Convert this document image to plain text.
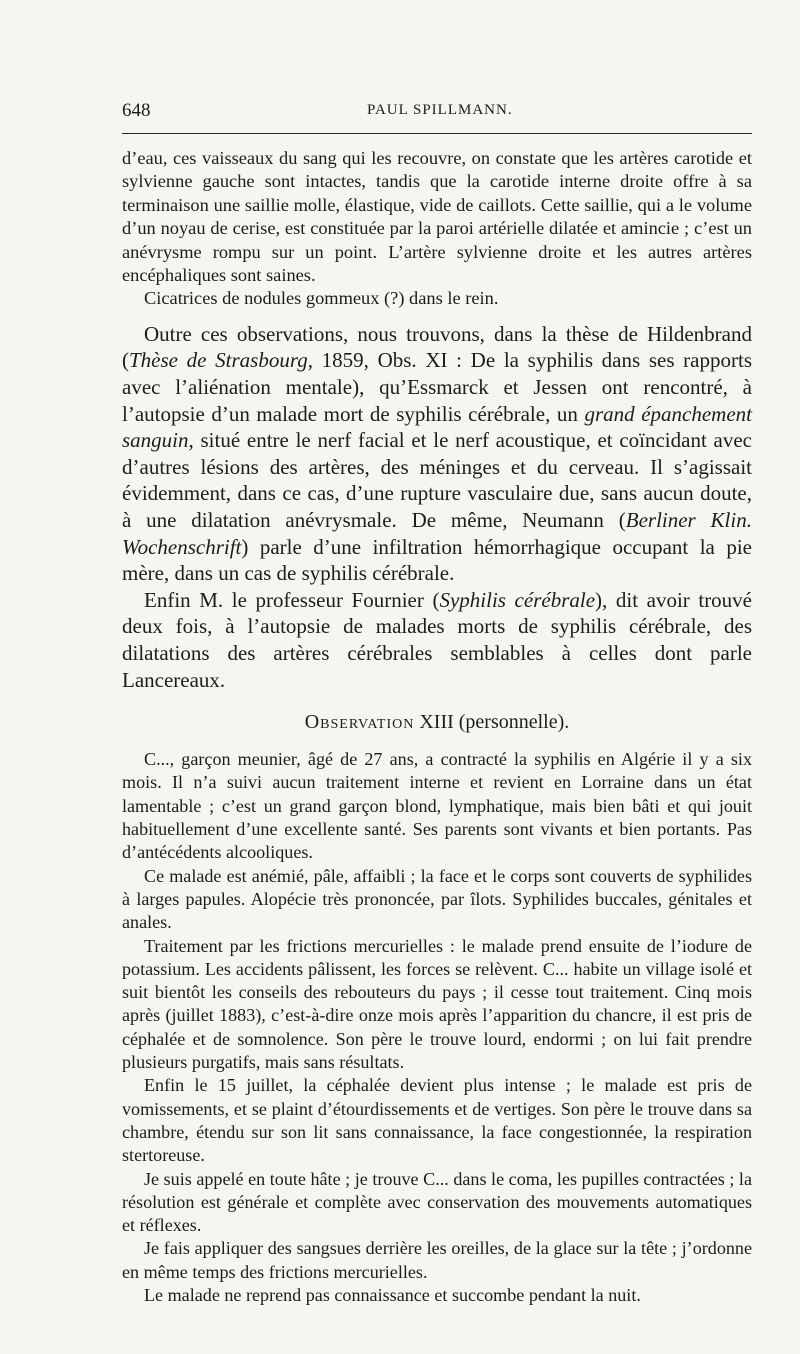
648	PAUL SPILLMANN.

d’eau, ces vaisseaux du sang qui les recouvre, on constate que les artères carotide et sylvienne gauche sont intactes, tandis que la carotide interne droite offre à sa terminaison une saillie molle, élastique, vide de caillots. Cette saillie, qui a le volume d’un noyau de cerise, est constituée par la paroi artérielle dilatée et amincie ; c’est un anévrysme rompu sur un point. L’artère sylvienne droite et les autres artères encéphaliques sont saines.

Cicatrices de nodules gommeux (?) dans le rein.

Outre ces observations, nous trouvons, dans la thèse de Hildenbrand (Thèse de Strasbourg, 1859, Obs. XI : De la syphilis dans ses rapports avec l’aliénation mentale), qu’Essmarck et Jessen ont rencontré, à l’autopsie d’un malade mort de syphilis cérébrale, un grand épanchement sanguin, situé entre le nerf facial et le nerf acoustique, et coïncidant avec d’autres lésions des artères, des méninges et du cerveau. Il s’agissait évidemment, dans ce cas, d’une rupture vasculaire due, sans aucun doute, à une dilatation anévrysmale. De même, Neumann (Berliner Klin. Wochenschrift) parle d’une infiltration hémorrhagique occupant la pie mère, dans un cas de syphilis cérébrale.

Enfin M. le professeur Fournier (Syphilis cérébrale), dit avoir trouvé deux fois, à l’autopsie de malades morts de syphilis cérébrale, des dilatations des artères cérébrales semblables à celles dont parle Lancereaux.

Observation XIII (personnelle).

C..., garçon meunier, âgé de 27 ans, a contracté la syphilis en Algérie il y a six mois. Il n’a suivi aucun traitement interne et revient en Lorraine dans un état lamentable ; c’est un grand garçon blond, lymphatique, mais bien bâti et qui jouit habituellement d’une excellente santé. Ses parents sont vivants et bien portants. Pas d’antécédents alcooliques.

Ce malade est anémié, pâle, affaibli ; la face et le corps sont couverts de syphilides à larges papules. Alopécie très prononcée, par îlots. Syphilides buccales, génitales et anales.

Traitement par les frictions mercurielles : le malade prend ensuite de l’iodure de potassium. Les accidents pâlissent, les forces se relèvent. C... habite un village isolé et suit bientôt les conseils des rebouteurs du pays ; il cesse tout traitement. Cinq mois après (juillet 1883), c’est-à-dire onze mois après l’apparition du chancre, il est pris de céphalée et de somnolence. Son père le trouve lourd, endormi ; on lui fait prendre plusieurs purgatifs, mais sans résultats.

Enfin le 15 juillet, la céphalée devient plus intense ; le malade est pris de vomissements, et se plaint d’étourdissements et de vertiges. Son père le trouve dans sa chambre, étendu sur son lit sans connaissance, la face congestionnée, la respiration stertoreuse.

Je suis appelé en toute hâte ; je trouve C... dans le coma, les pupilles contractées ; la résolution est générale et complète avec conservation des mouvements automatiques et réflexes.

Je fais appliquer des sangsues derrière les oreilles, de la glace sur la tête ; j’ordonne en même temps des frictions mercurielles.

Le malade ne reprend pas connaissance et succombe pendant la nuit.
